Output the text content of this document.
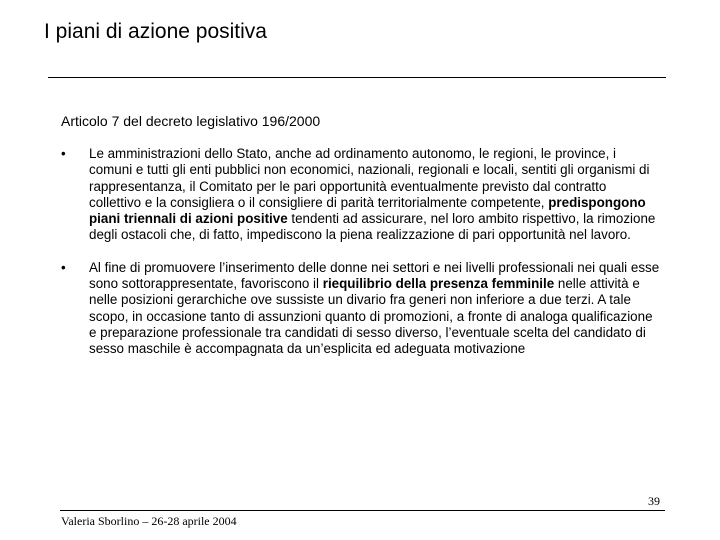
I piani di azione positiva
Articolo 7 del decreto legislativo 196/2000
• Le amministrazioni dello Stato, anche ad ordinamento autonomo, le regioni, le province, i comuni e tutti gli enti pubblici non economici, nazionali, regionali e locali, sentiti gli organismi di rappresentanza, il Comitato per le pari opportunità eventualmente previsto dal contratto collettivo e la consigliera o il consigliere di parità territorialmente competente, predispongono piani triennali di azioni positive tendenti ad assicurare, nel loro ambito rispettivo, la rimozione degli ostacoli che, di fatto, impediscono la piena realizzazione di pari opportunità nel lavoro.
• Al fine di promuovere l’inserimento delle donne nei settori e nei livelli professionali nei quali esse sono sottorappresentate, favoriscono il riequilibrio della presenza femminile nelle attività e nelle posizioni gerarchiche ove sussiste un divario fra generi non inferiore a due terzi. A tale scopo, in occasione tanto di assunzioni quanto di promozioni, a fronte di analoga qualificazione e preparazione professionale tra candidati di sesso diverso, l’eventuale scelta del candidato di sesso maschile è accompagnata da un’esplicita ed adeguata motivazione
39
Valeria Sborlino – 26-28 aprile 2004
